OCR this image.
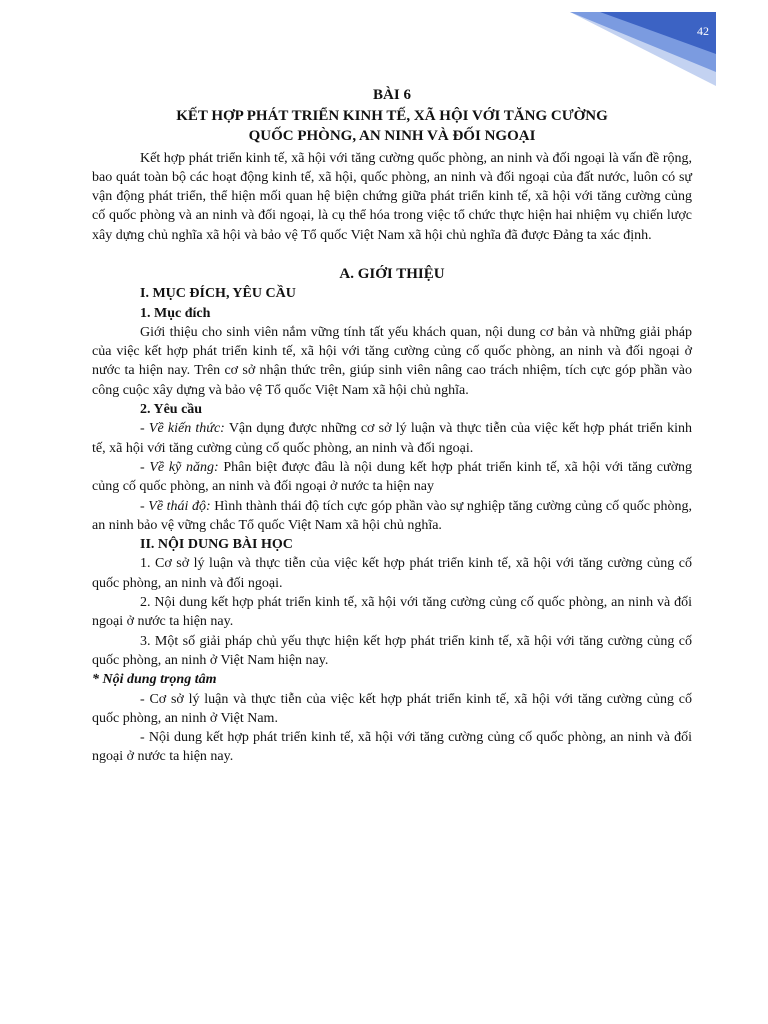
42
BÀI 6
KẾT HỢP PHÁT TRIỂN KINH TẾ, XÃ HỘI VỚI TĂNG CƯỜNG
QUỐC PHÒNG, AN NINH VÀ ĐỐI NGOẠI

Kết hợp phát triển kinh tế, xã hội với tăng cường quốc phòng, an ninh và đối ngoại là vấn đề rộng, bao quát toàn bộ các hoạt động kinh tế, xã hội, quốc phòng, an ninh và đối ngoại của đất nước, luôn có sự vận động phát triển, thể hiện mối quan hệ biện chứng giữa phát triển kinh tế, xã hội với tăng cường củng cố quốc phòng và an ninh và đối ngoại, là cụ thể hóa trong việc tổ chức thực hiện hai nhiệm vụ chiến lược xây dựng chủ nghĩa xã hội và bảo vệ Tổ quốc Việt Nam xã hội chủ nghĩa đã được Đảng ta xác định.

A. GIỚI THIỆU

I. MỤC ĐÍCH, YÊU CẦU

1. Mục đích

Giới thiệu cho sinh viên nắm vững tính tất yếu khách quan, nội dung cơ bản và những giải pháp của việc kết hợp phát triển kinh tế, xã hội với tăng cường củng cố quốc phòng, an ninh và đối ngoại ở nước ta hiện nay. Trên cơ sở nhận thức trên, giúp sinh viên nâng cao trách nhiệm, tích cực góp phần vào công cuộc xây dựng và bảo vệ Tổ quốc Việt Nam xã hội chủ nghĩa.

2. Yêu cầu

- Về kiến thức: Vận dụng được những cơ sở lý luận và thực tiễn của việc kết hợp phát triển kinh tế, xã hội với tăng cường củng cố quốc phòng, an ninh và đối ngoại.

- Về kỹ năng: Phân biệt được đâu là nội dung kết hợp phát triển kinh tế, xã hội với tăng cường củng cố quốc phòng, an ninh và đối ngoại ở nước ta hiện nay

- Về thái độ: Hình thành thái độ tích cực góp phần vào sự nghiệp tăng cường củng cố quốc phòng, an ninh bảo vệ vững chắc Tổ quốc Việt Nam xã hội chủ nghĩa.

II. NỘI DUNG BÀI HỌC

1. Cơ sở lý luận và thực tiễn của việc kết hợp phát triển kinh tế, xã hội với tăng cường củng cố quốc phòng, an ninh và đối ngoại.

2. Nội dung kết hợp phát triển kinh tế, xã hội với tăng cường củng cố quốc phòng, an ninh và đối ngoại ở nước ta hiện nay.

3. Một số giải pháp chủ yếu thực hiện kết hợp phát triển kinh tế, xã hội với tăng cường củng cố quốc phòng, an ninh ở Việt Nam hiện nay.

* Nội dung trọng tâm

- Cơ sở lý luận và thực tiễn của việc kết hợp phát triển kinh tế, xã hội với tăng cường củng cố quốc phòng, an ninh ở Việt Nam.

- Nội dung kết hợp phát triển kinh tế, xã hội với tăng cường củng cố quốc phòng, an ninh và đối ngoại ở nước ta hiện nay.
